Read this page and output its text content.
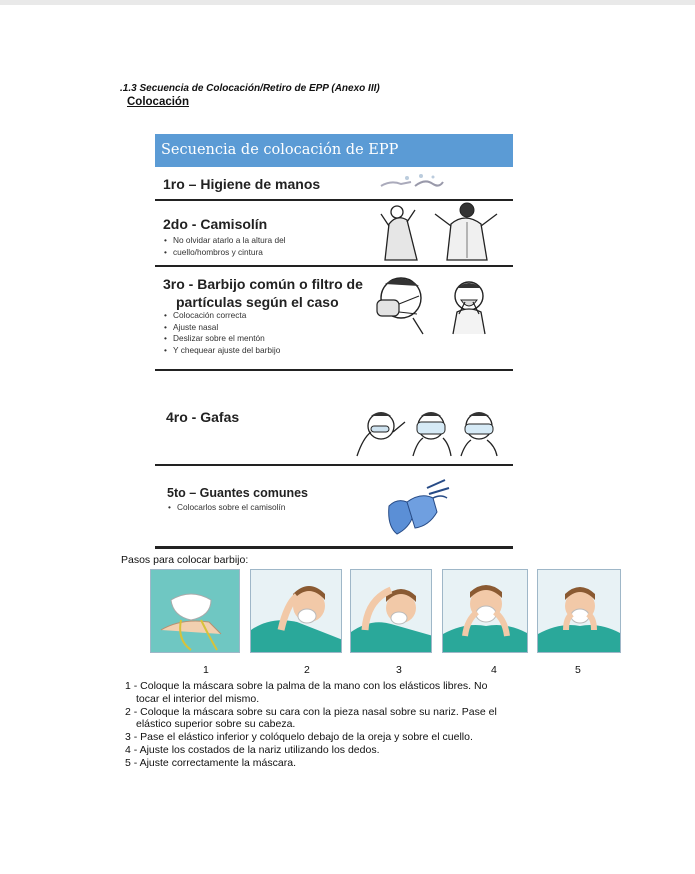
.1.3 Secuencia de Colocación/Retiro de EPP (Anexo III)
Colocación
Secuencia de colocación de EPP
1ro – Higiene de manos
2do - Camisolín
• No olvidar atarlo a la altura del
• cuello/hombros y cintura
3ro - Barbijo común o filtro de
partículas según el caso
• Colocación correcta
• Ajuste nasal
• Deslizar sobre el mentón
• Y chequear ajuste del barbijo
4ro - Gafas
5to – Guantes comunes
• Colocarlos sobre el camisolín
Pasos para colocar barbijo:
1	2	3	4	5

1 - Coloque la máscara sobre la palma de la mano con los elásticos libres. No

tocar el interior del mismo.

2 - Coloque la máscara sobre su cara con la pieza nasal sobre su nariz. Pase el

elástico superior sobre su cabeza.

3 - Pase el elástico inferior y colóquelo debajo de la oreja y sobre el cuello.

4 - Ajuste los costados de la nariz utilizando los dedos.

5 - Ajuste correctamente la máscara.
